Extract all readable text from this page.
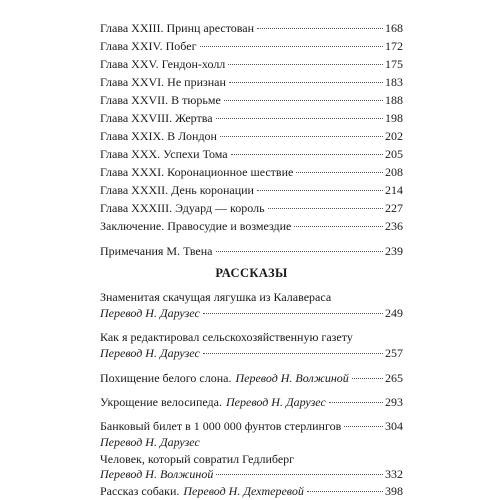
Глава XXIII. Принц арестован	168
Глава XXIV. Побег	172
Глава XXV. Гендон-холл	175
Глава XXVI. Не признан	183
Глава XXVII. В тюрьме	188
Глава XXVIII. Жертва	198
Глава XXIX. В Лондон	202
Глава XXX. Успехи Тома	205
Глава XXXI. Коронационное шествие	208
Глава XXXII. День коронации	214
Глава XXXIII. Эдуард — король	227
Заключение. Правосудие и возмездие	236
Примечания М. Твена	239
РАССКАЗЫ
Знаменитая скачущая лягушка из Калавераса
Перевод Н. Дарузес	249
Как я редактировал сельскохозяйственную газету
Перевод Н. Дарузес	257
Похищение белого слона. Перевод Н. Волжиной	265
Укрощение велосипеда. Перевод Н. Дарузес	293
Банковый билет в 1 000 000 фунтов стерлингов	304
Перевод Н. Дарузес
Человек, который совратил Гедлиберг
Перевод Н. Волжиной	332
Рассказ собаки. Перевод Н. Дехтеревой	398
